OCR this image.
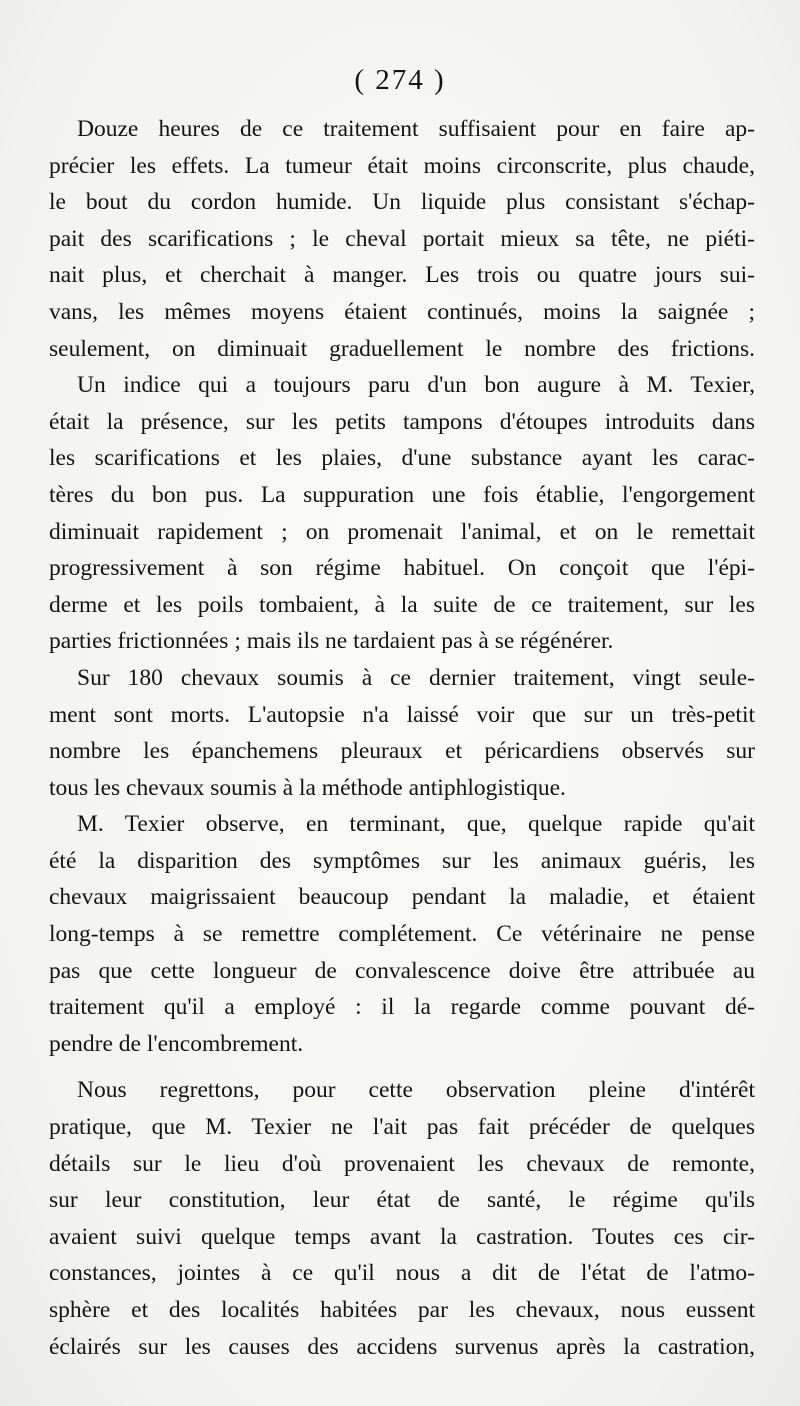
( 274 )
Douze heures de ce traitement suffisaient pour en faire ap-
précier les effets. La tumeur était moins circonscrite, plus chaude,
le bout du cordon humide. Un liquide plus consistant s'échap-
pait des scarifications ; le cheval portait mieux sa tête, ne piéti-
nait plus, et cherchait à manger. Les trois ou quatre jours sui-
vans, les mêmes moyens étaient continués, moins la saignée ;
seulement, on diminuait graduellement le nombre des frictions.
Un indice qui a toujours paru d'un bon augure à M. Texier,
était la présence, sur les petits tampons d'étoupes introduits dans
les scarifications et les plaies, d'une substance ayant les carac-
tères du bon pus. La suppuration une fois établie, l'engorgement
diminuait rapidement ; on promenait l'animal, et on le remettait
progressivement à son régime habituel. On conçoit que l'épi-
derme et les poils tombaient, à la suite de ce traitement, sur les
parties frictionnées ; mais ils ne tardaient pas à se régénérer.
Sur 180 chevaux soumis à ce dernier traitement, vingt seule-
ment sont morts. L'autopsie n'a laissé voir que sur un très-petit
nombre les épanchemens pleuraux et péricardiens observés sur
tous les chevaux soumis à la méthode antiphlogistique.
M. Texier observe, en terminant, que, quelque rapide qu'ait
été la disparition des symptômes sur les animaux guéris, les
chevaux maigrissaient beaucoup pendant la maladie, et étaient
long-temps à se remettre complétement. Ce vétérinaire ne pense
pas que cette longueur de convalescence doive être attribuée au
traitement qu'il a employé : il la regarde comme pouvant dé-
pendre de l'encombrement.
Nous regrettons, pour cette observation pleine d'intérêt
pratique, que M. Texier ne l'ait pas fait précéder de quelques
détails sur le lieu d'où provenaient les chevaux de remonte,
sur leur constitution, leur état de santé, le régime qu'ils
avaient suivi quelque temps avant la castration. Toutes ces cir-
constances, jointes à ce qu'il nous a dit de l'état de l'atmo-
sphère et des localités habitées par les chevaux, nous eussent
éclairés sur les causes des accidens survenus après la castration,
